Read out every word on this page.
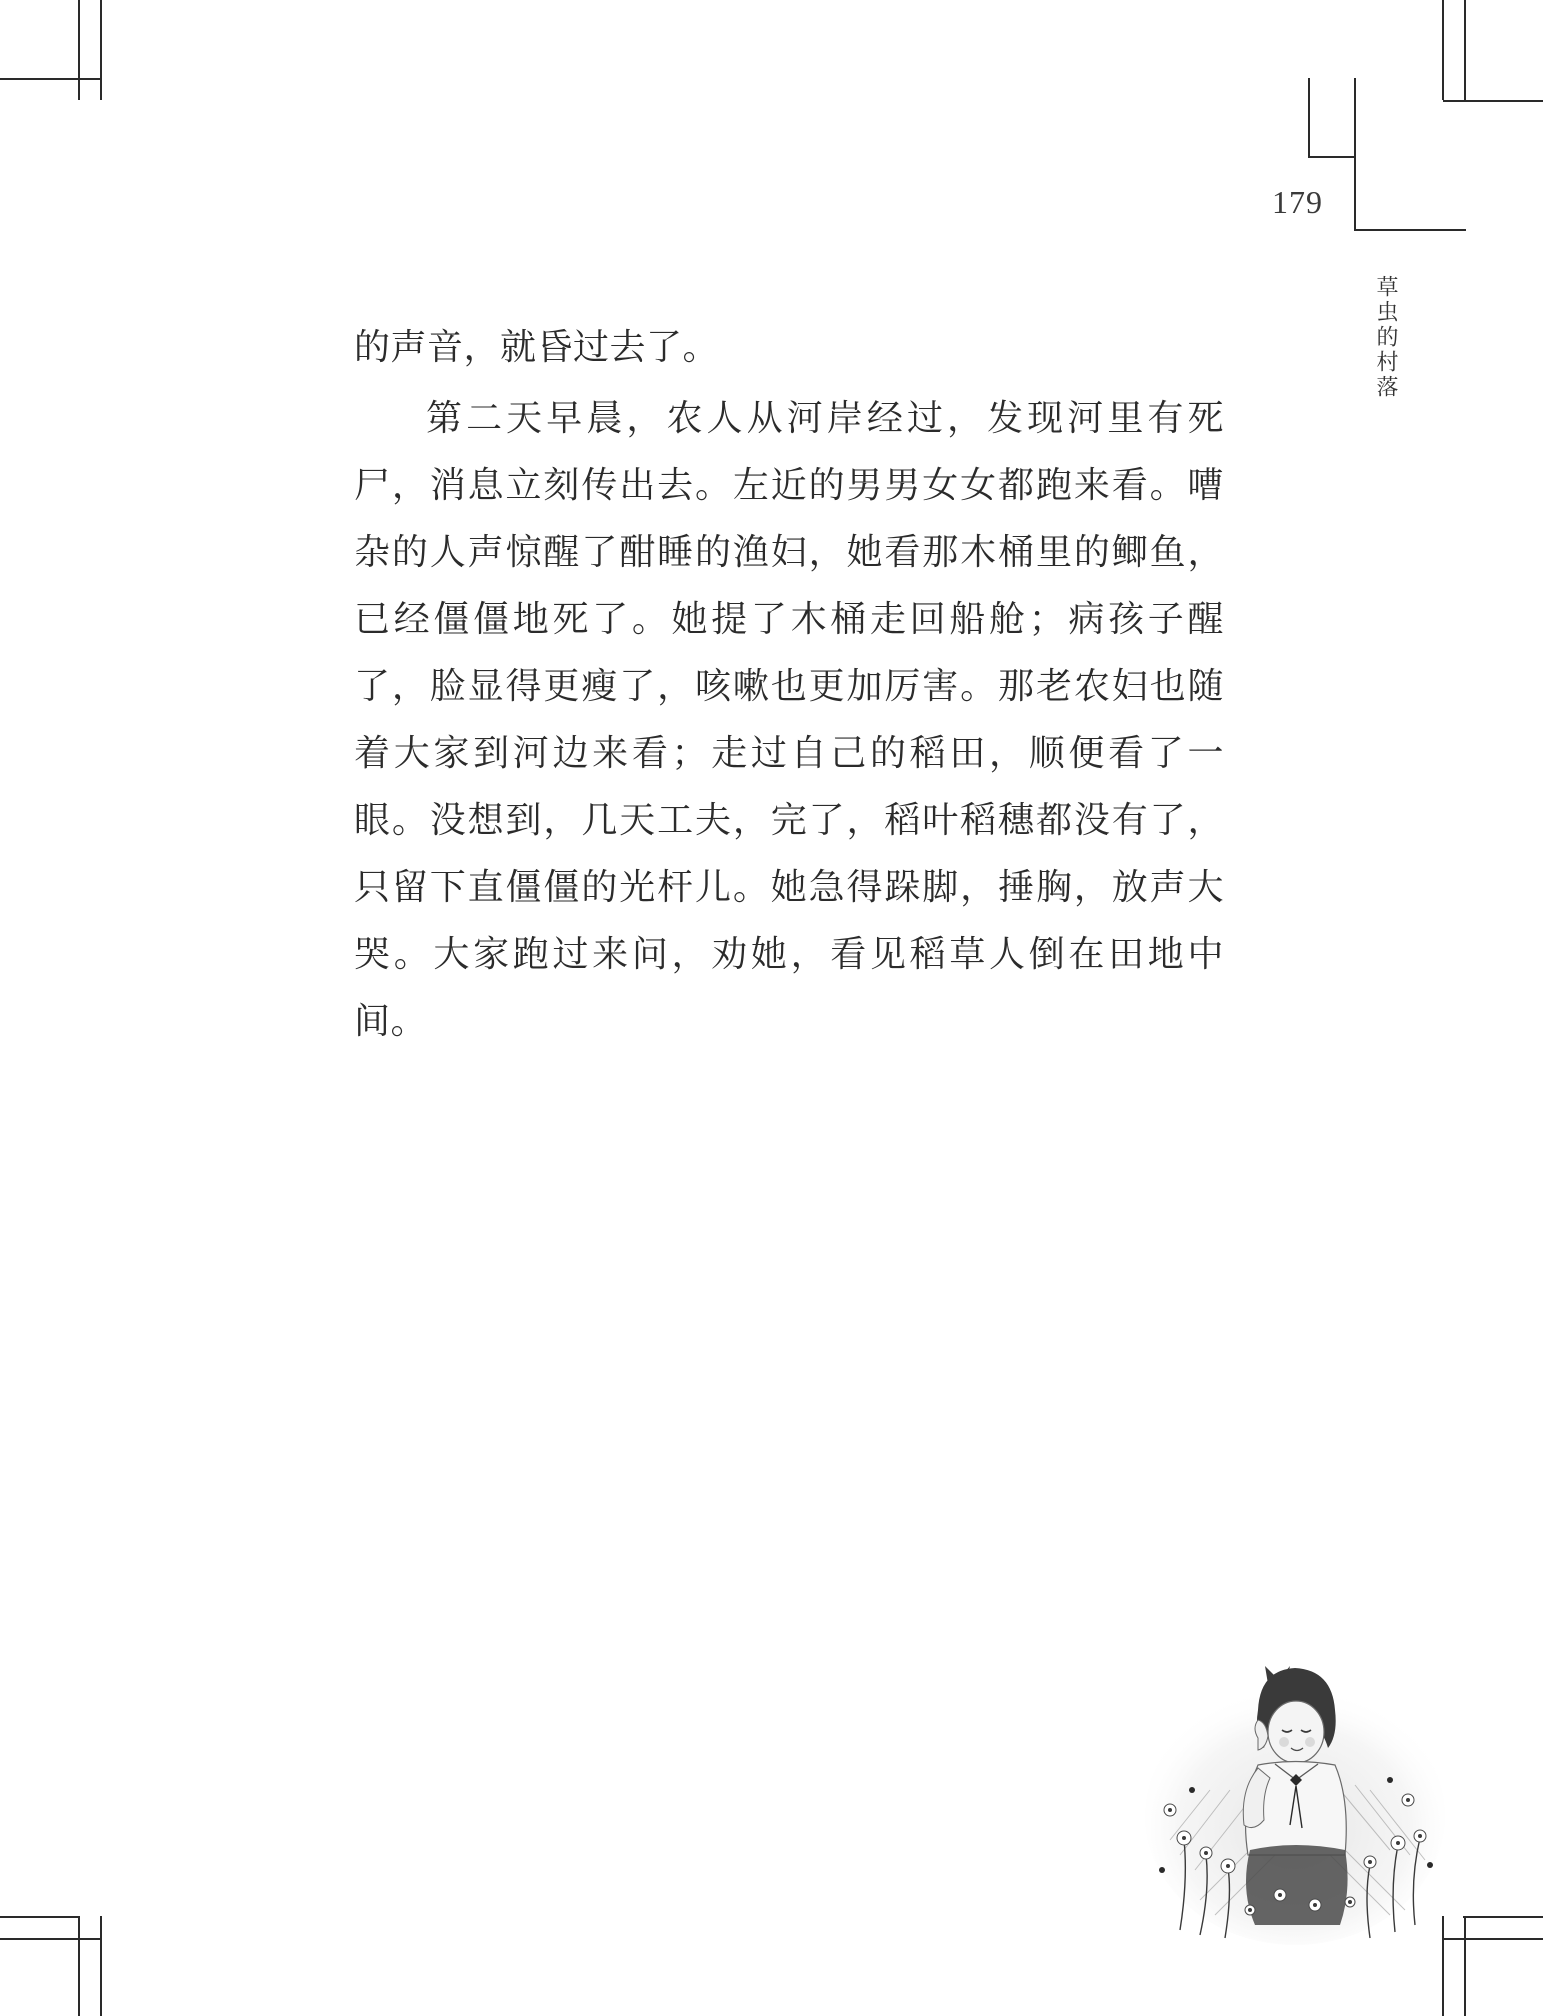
179
草虫的村落

的声音，就昏过去了。

第二天早晨，农人从河岸经过，发现河里有死尸，消息立刻传出去。左近的男男女女都跑来看。嘈杂的人声惊醒了酣睡的渔妇，她看那木桶里的鲫鱼，已经僵僵地死了。她提了木桶走回船舱；病孩子醒了，脸显得更瘦了，咳嗽也更加厉害。那老农妇也随着大家到河边来看；走过自己的稻田，顺便看了一眼。没想到，几天工夫，完了，稻叶稻穗都没有了，只留下直僵僵的光杆儿。她急得跺脚，捶胸，放声大哭。大家跑过来问，劝她，看见稻草人倒在田地中间。
